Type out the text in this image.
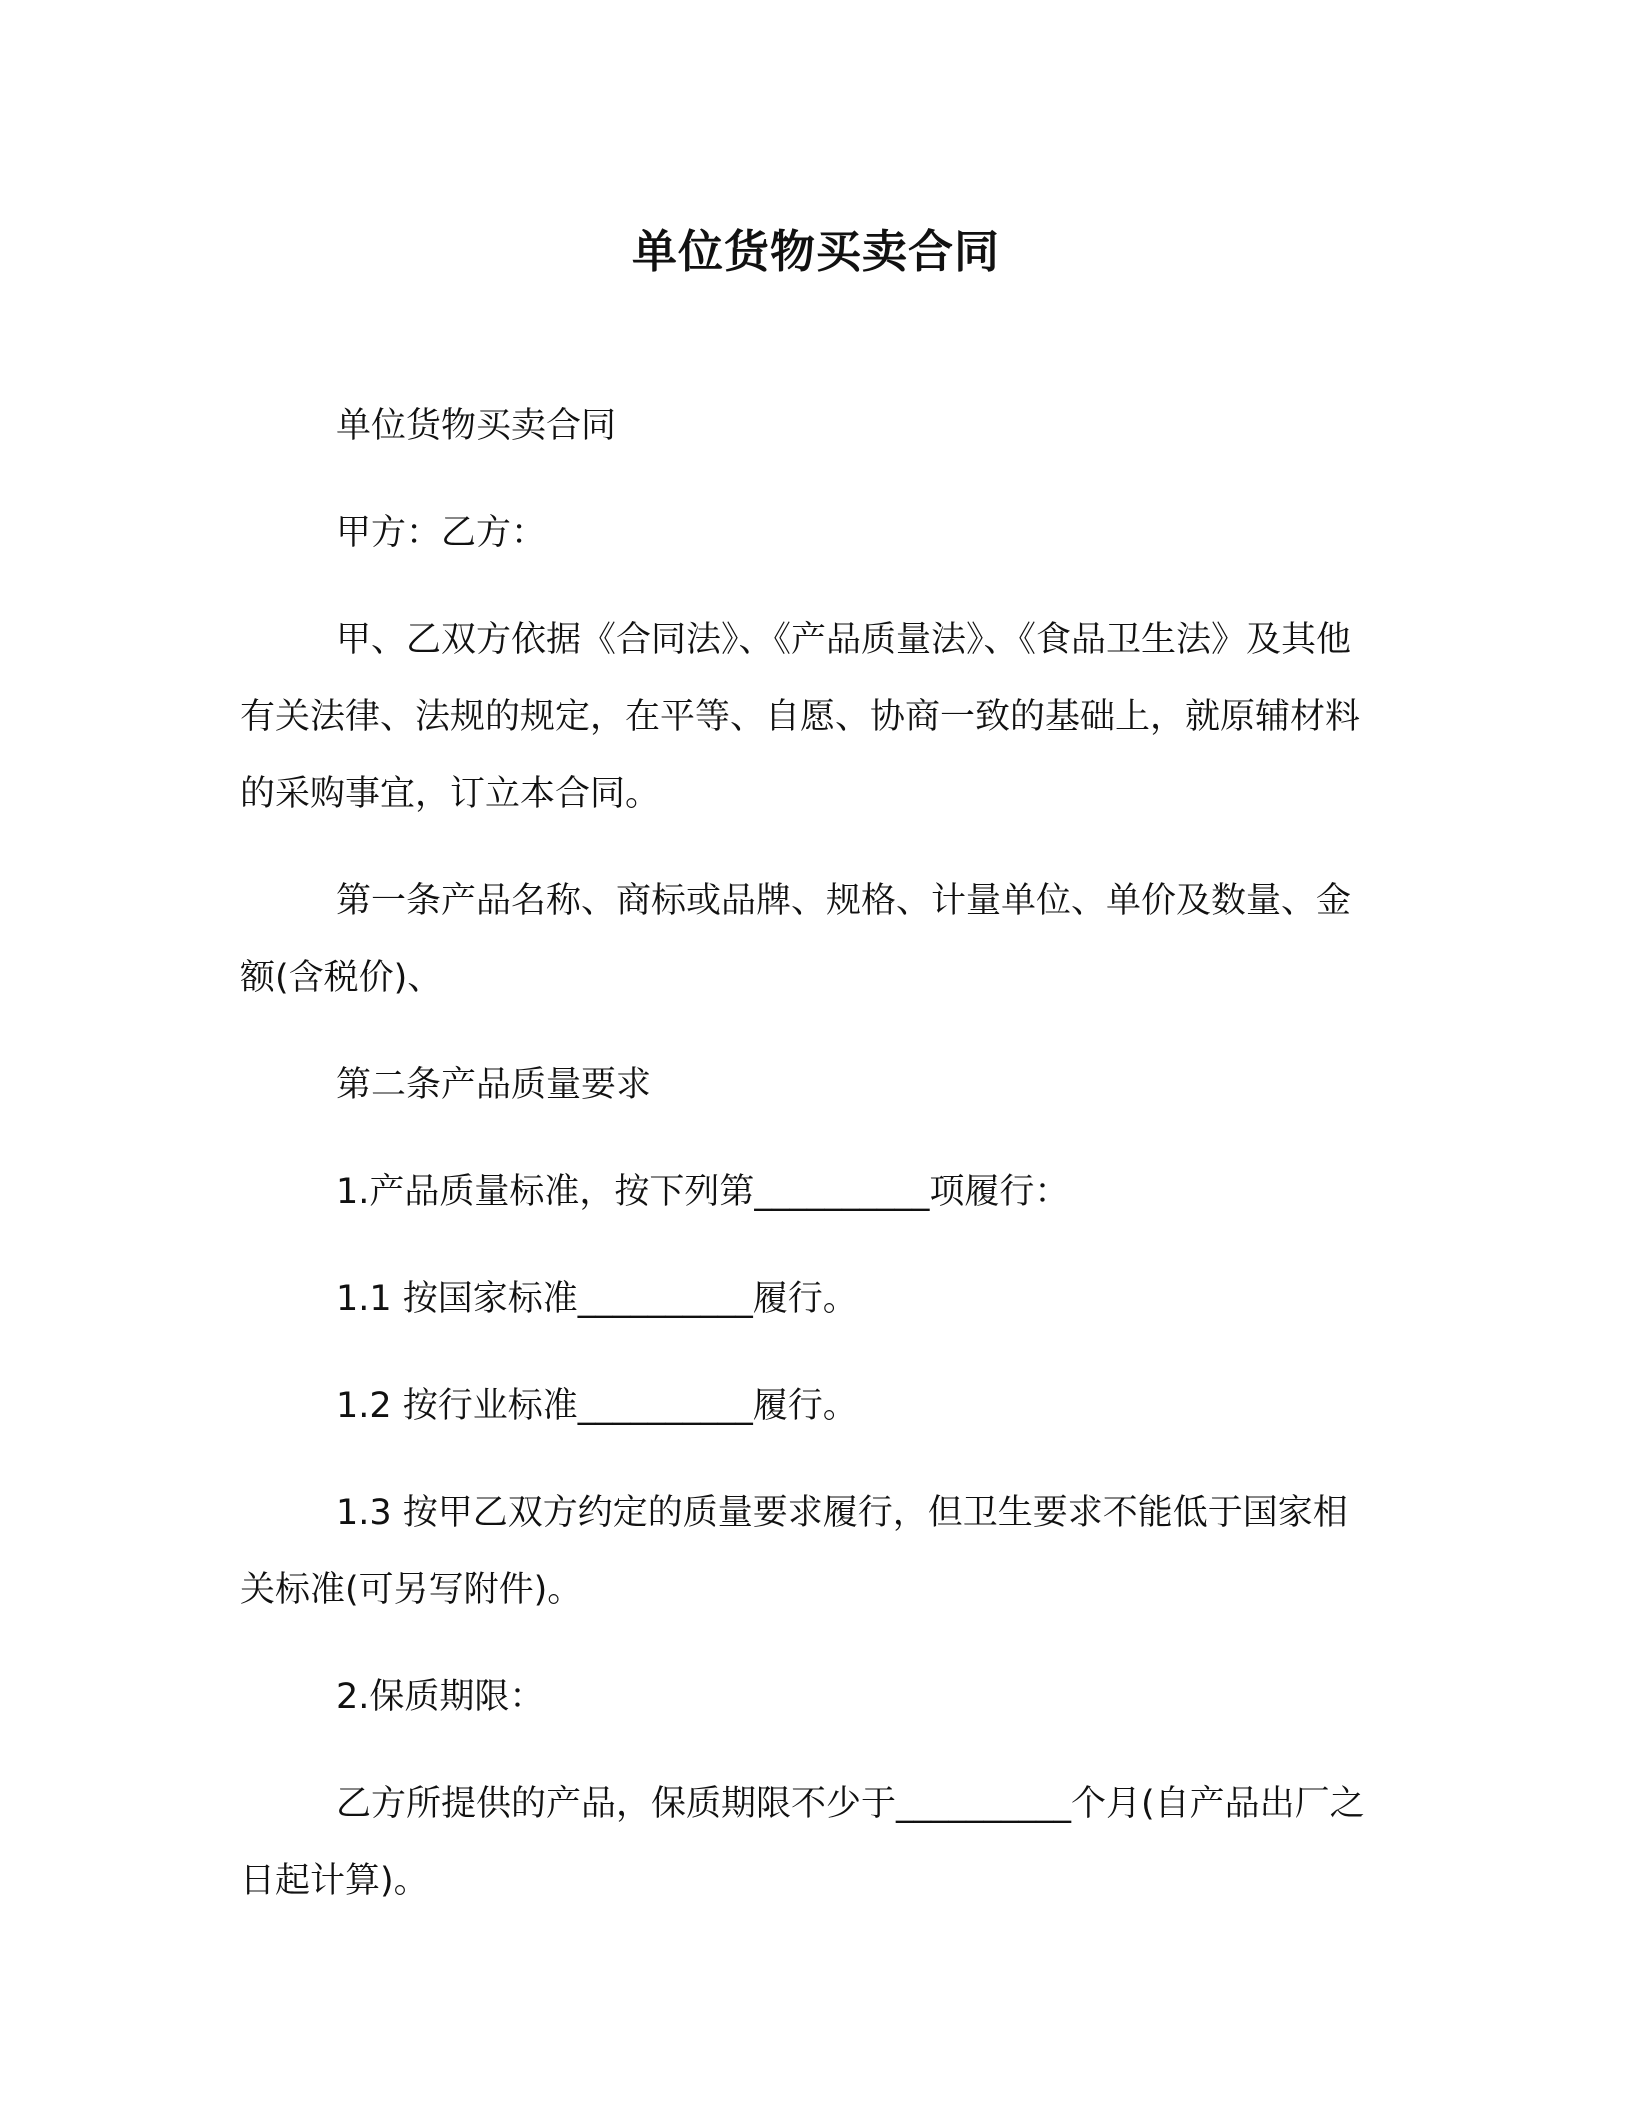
单位货物买卖合同

单位货物买卖合同

甲方：乙方：

甲、乙双方依据《合同法》、《产品质量法》、《食品卫生法》及其他有关法律、法规的规定，在平等、自愿、协商一致的基础上，就原辅材料的采购事宜，订立本合同。

第一条产品名称、商标或品牌、规格、计量单位、单价及数量、金额(含税价)、

第二条产品质量要求

1.产品质量标准，按下列第__________项履行：

1.1 按国家标准__________履行。

1.2 按行业标准__________履行。

1.3 按甲乙双方约定的质量要求履行，但卫生要求不能低于国家相关标准(可另写附件)。

2.保质期限：

乙方所提供的产品，保质期限不少于__________个月(自产品出厂之日起计算)。
